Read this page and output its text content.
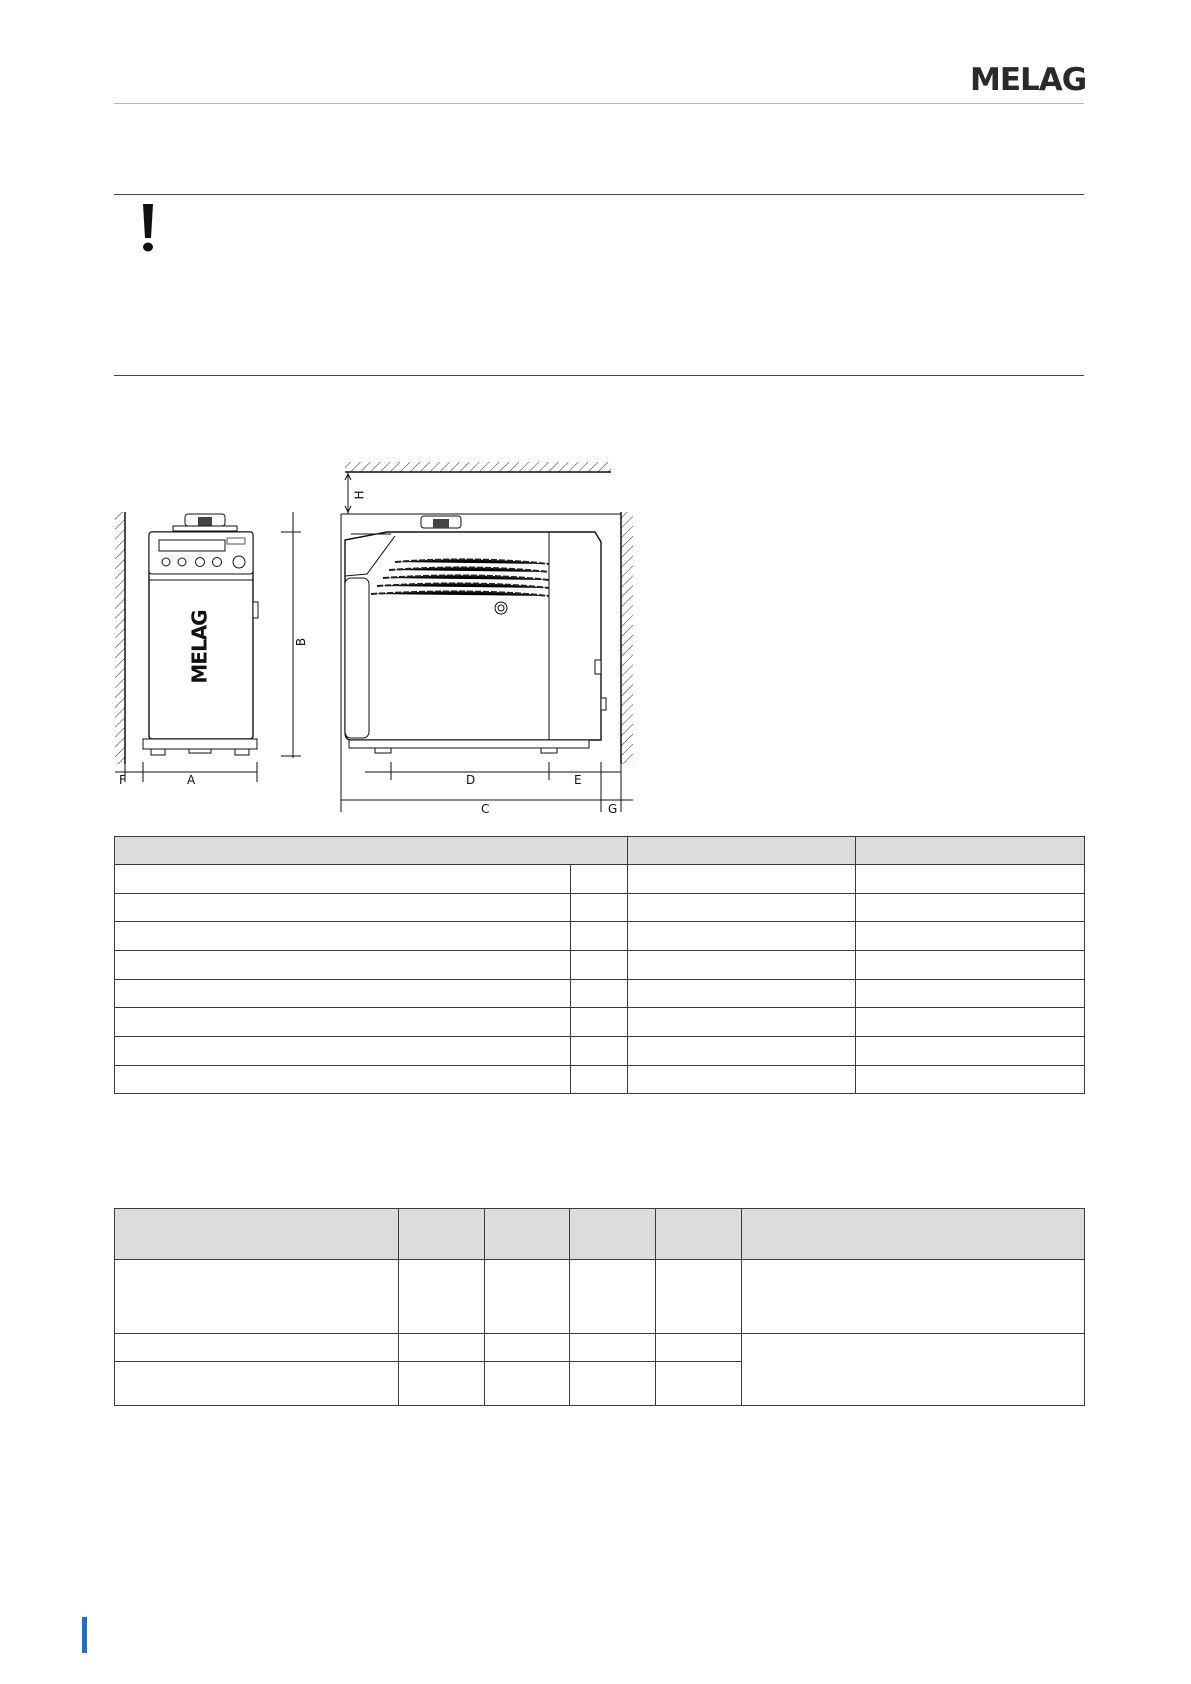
MELAG
F	A
B
H
D	E
C	G
MELAG
